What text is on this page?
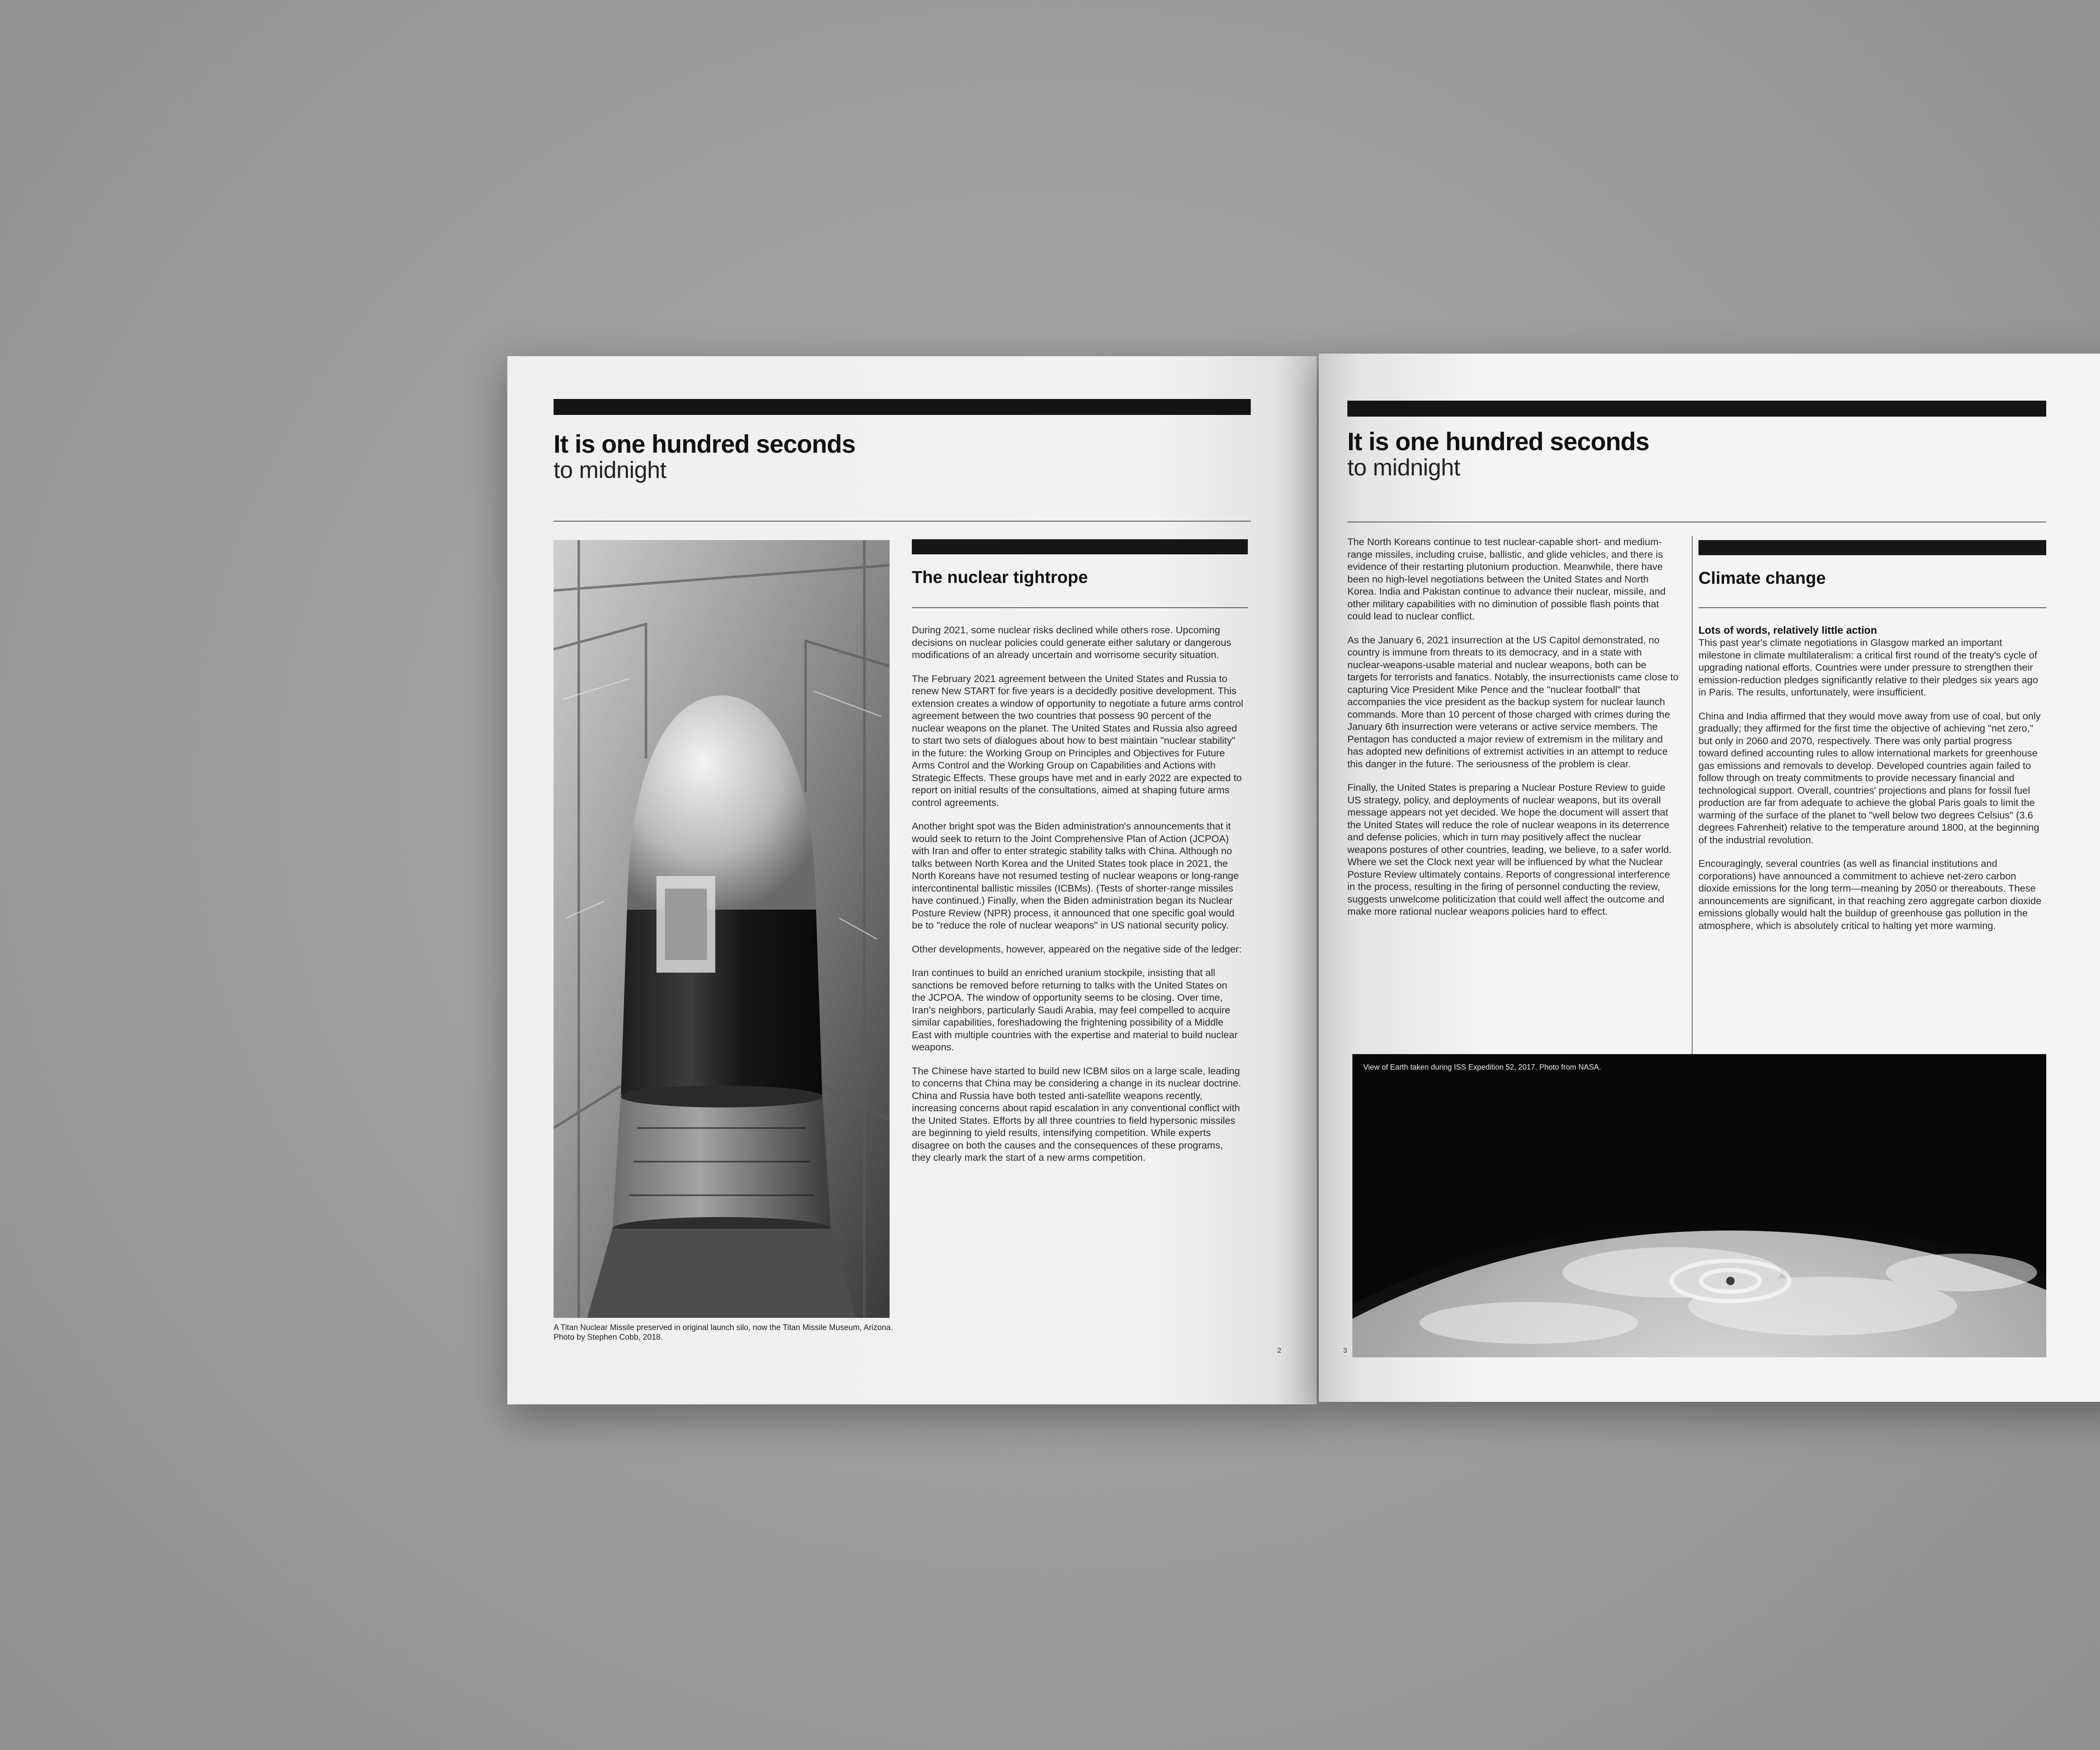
It is one hundred seconds
to midnight
A Titan Nuclear Missile preserved in original launch silo, now the Titan Missile Museum, Arizona. Photo by Stephen Cobb, 2018.
The nuclear tightrope

During 2021, some nuclear risks declined while others rose. Upcoming decisions on nuclear policies could generate either salutary or dangerous modifications of an already uncertain and worrisome security situation.

The February 2021 agreement between the United States and Russia to renew New START for five years is a decidedly positive development. This extension creates a window of opportunity to negotiate a future arms control agreement between the two countries that possess 90 percent of the nuclear weapons on the planet. The United States and Russia also agreed to start two sets of dialogues about how to best maintain "nuclear stability" in the future: the Working Group on Principles and Objectives for Future Arms Control and the Working Group on Capabilities and Actions with Strategic Effects. These groups have met and in early 2022 are expected to report on initial results of the consultations, aimed at shaping future arms control agreements.

Another bright spot was the Biden administration's announcements that it would seek to return to the Joint Comprehensive Plan of Action (JCPOA) with Iran and offer to enter strategic stability talks with China. Although no talks between North Korea and the United States took place in 2021, the North Koreans have not resumed testing of nuclear weapons or long-range intercontinental ballistic missiles (ICBMs). (Tests of shorter-range missiles have continued.) Finally, when the Biden administration began its Nuclear Posture Review (NPR) process, it announced that one specific goal would be to "reduce the role of nuclear weapons" in US national security policy.

Other developments, however, appeared on the negative side of the ledger:

Iran continues to build an enriched uranium stockpile, insisting that all sanctions be removed before returning to talks with the United States on the JCPOA. The window of opportunity seems to be closing. Over time, Iran's neighbors, particularly Saudi Arabia, may feel compelled to acquire similar capabilities, foreshadowing the frightening possibility of a Middle East with multiple countries with the expertise and material to build nuclear weapons.

The Chinese have started to build new ICBM silos on a large scale, leading to concerns that China may be considering a change in its nuclear doctrine. China and Russia have both tested anti-satellite weapons recently, increasing concerns about rapid escalation in any conventional conflict with the United States. Efforts by all three countries to field hypersonic missiles are beginning to yield results, intensifying competition. While experts disagree on both the causes and the consequences of these programs, they clearly mark the start of a new arms competition.

2
It is one hundred seconds
to midnight

The North Koreans continue to test nuclear-capable short- and medium-range missiles, including cruise, ballistic, and glide vehicles, and there is evidence of their restarting plutonium production. Meanwhile, there have been no high-level negotiations between the United States and North Korea. India and Pakistan continue to advance their nuclear, missile, and other military capabilities with no diminution of possible flash points that could lead to nuclear conflict.

As the January 6, 2021 insurrection at the US Capitol demonstrated, no country is immune from threats to its democracy, and in a state with nuclear-weapons-usable material and nuclear weapons, both can be targets for terrorists and fanatics. Notably, the insurrectionists came close to capturing Vice President Mike Pence and the "nuclear football" that accompanies the vice president as the backup system for nuclear launch commands. More than 10 percent of those charged with crimes during the January 6th insurrection were veterans or active service members. The Pentagon has conducted a major review of extremism in the military and has adopted new definitions of extremist activities in an attempt to reduce this danger in the future. The seriousness of the problem is clear.

Finally, the United States is preparing a Nuclear Posture Review to guide US strategy, policy, and deployments of nuclear weapons, but its overall message appears not yet decided. We hope the document will assert that the United States will reduce the role of nuclear weapons in its deterrence and defense policies, which in turn may positively affect the nuclear weapons postures of other countries, leading, we believe, to a safer world. Where we set the Clock next year will be influenced by what the Nuclear Posture Review ultimately contains. Reports of congressional interference in the process, resulting in the firing of personnel conducting the review, suggests unwelcome politicization that could well affect the outcome and make more rational nuclear weapons policies hard to effect.

Climate change
Lots of words, relatively little action

This past year's climate negotiations in Glasgow marked an important milestone in climate multilateralism: a critical first round of the treaty's cycle of upgrading national efforts. Countries were under pressure to strengthen their emission-reduction pledges significantly relative to their pledges six years ago in Paris. The results, unfortunately, were insufficient.

China and India affirmed that they would move away from use of coal, but only gradually; they affirmed for the first time the objective of achieving "net zero," but only in 2060 and 2070, respectively. There was only partial progress toward defined accounting rules to allow international markets for greenhouse gas emissions and removals to develop. Developed countries again failed to follow through on treaty commitments to provide necessary financial and technological support. Overall, countries' projections and plans for fossil fuel production are far from adequate to achieve the global Paris goals to limit the warming of the surface of the planet to "well below two degrees Celsius" (3.6 degrees Fahrenheit) relative to the temperature around 1800, at the beginning of the industrial revolution.

Encouragingly, several countries (as well as financial institutions and corporations) have announced a commitment to achieve net-zero carbon dioxide emissions for the long term—meaning by 2050 or thereabouts. These announcements are significant, in that reaching zero aggregate carbon dioxide emissions globally would halt the buildup of greenhouse gas pollution in the atmosphere, which is absolutely critical to halting yet more warming.

View of Earth taken during ISS Expedition 52, 2017. Photo from NASA.
3
